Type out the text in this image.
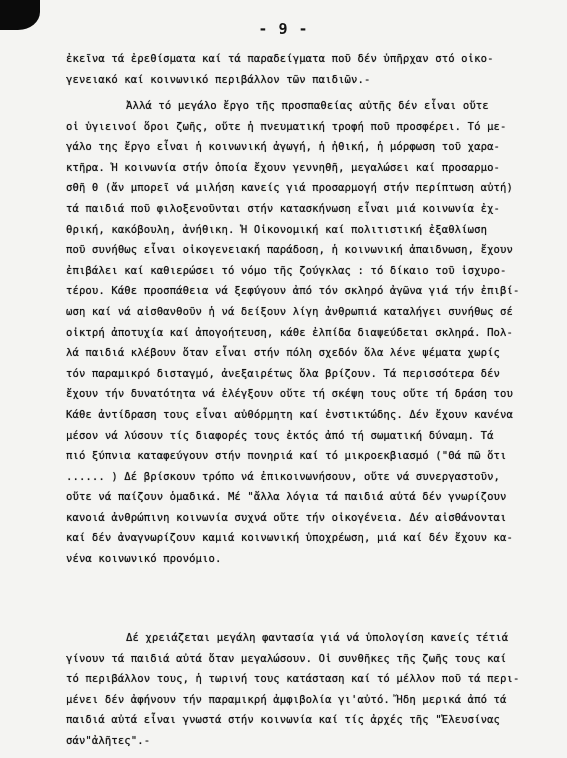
- 9 -
ἐκεῖνα τά ἐρεθίσματα καί τά παραδείγματα ποῦ δέν ὑπῆρχαν στό οἰκο-
γενειακό καί κοινωνικό περιβάλλον τῶν παιδιῶν.-
Ἀλλά τό μεγάλο ἔργο τῆς προσπαθείας αὐτῆς δέν εἶναι οὔτε
οἱ ὑγιεινοί ὅροι ζωῆς, οὔτε ἡ πνευματική τροφή ποῦ προσφέρει. Τό με-
γάλο της ἔργο εἶναι ἡ κοινωνική ἀγωγή, ἡ ἠθική, ἡ μόρφωση τοῦ χαρα-
κτῆρα. Ἡ κοινωνία στήν ὁποία ἔχουν γεννηθῆ, μεγαλώσει καί προσαρμο-
σθῆ θ (ἄν μπορεῖ νά μιλήση κανείς γιά προσαρμογή στήν περίπτωση αὐτή)
τά παιδιά ποῦ φιλοξενοῦνται στήν κατασκήνωση εἶναι μιά κοινωνία ἐχ-
θρική, κακόβουλη, ἀνήθικη. Ἡ Οἰκονομική καί πολιτιστική ἐξαθλίωση
ποῦ συνήθως εἶναι οἰκογενειακή παράδοση, ἡ κοινωνική ἀπαιδνωση, ἔχουν
ἐπιβάλει καί καθιερώσει τό νόμο τῆς ζούγκλας : τό δίκαιο τοῦ ἰσχυρο-
τέρου. Κάθε προσπάθεια νά ξεφύγουν ἀπό τόν σκληρό ἀγῶνα γιά τήν ἐπιβί-
ωση καί νά αἰσθανθοῦν ἡ νά δείξουν λίγη ἀνθρωπιά καταλήγει συνήθως σέ
οἰκτρή ἀποτυχία καί ἀπογοήτευση, κάθε ἐλπίδα διαψεύδεται σκληρά. Πολ-
λά παιδιά κλέβουν ὅταν εἶναι στήν πόλη σχεδόν ὅλα λένε ψέματα χωρίς
τόν παραμικρό δισταγμό, ἀνεξαιρέτως ὅλα βρίζουν. Τά περισσότερα δέν
ἔχουν τήν δυνατότητα νά ἐλέγξουν οὔτε τή σκέψη τους οὔτε τή δράση του
Κάθε ἀντίδραση τους εἶναι αὐθόρμητη καί ἐνστικτώδης. Δέν ἔχουν κανένα
μέσον νά λύσουν τίς διαφορές τους ἐκτός ἀπό τή σωματική δύναμη. Τά
πιό ξύπνια καταφεύγουν στήν πονηριά καί τό μικροεκβιασμό ("Θά πῶ ὅτι
...... ) Δέ βρίσκουν τρόπο νά ἐπικοινωνήσουν, οὔτε νά συνεργαστοῦν,
οὔτε νά παίζουν ὁμαδικά. Μέ "ἄλλα λόγια τά παιδιά αὐτά δέν γνωρίζουν
κανοιά ἀνθρώπινη κοινωνία συχνά οὔτε τήν οἰκογένεια. Δέν αἰσθάνονται
καί δέν ἀναγνωρίζουν καμιά κοινωνική ὑποχρέωση, μιά καί δέν ἔχουν κα-
νένα κοινωνικό προνόμιο.
Δέ χρειάζεται μεγάλη φαντασία γιά νά ὑπολογίση κανείς τέτιά
γίνουν τά παιδιά αὐτά ὅταν μεγαλώσουν. Οἱ συνθῆκες τῆς ζωῆς τους καί
τό περιβάλλον τους, ἡ τωρινή τους κατάσταση καί τό μέλλον ποῦ τά περι-
μένει δέν ἀφήνουν τήν παραμικρή ἀμφιβολία γι'αὐτό. Ἤδη μερικά ἀπό τά
παιδιά αὐτά εἶναι γνωστά στήν κοινωνία καί τίς ἀρχές τῆς "Ἐλευσίνας
σάν"ἀλῆτες".-
